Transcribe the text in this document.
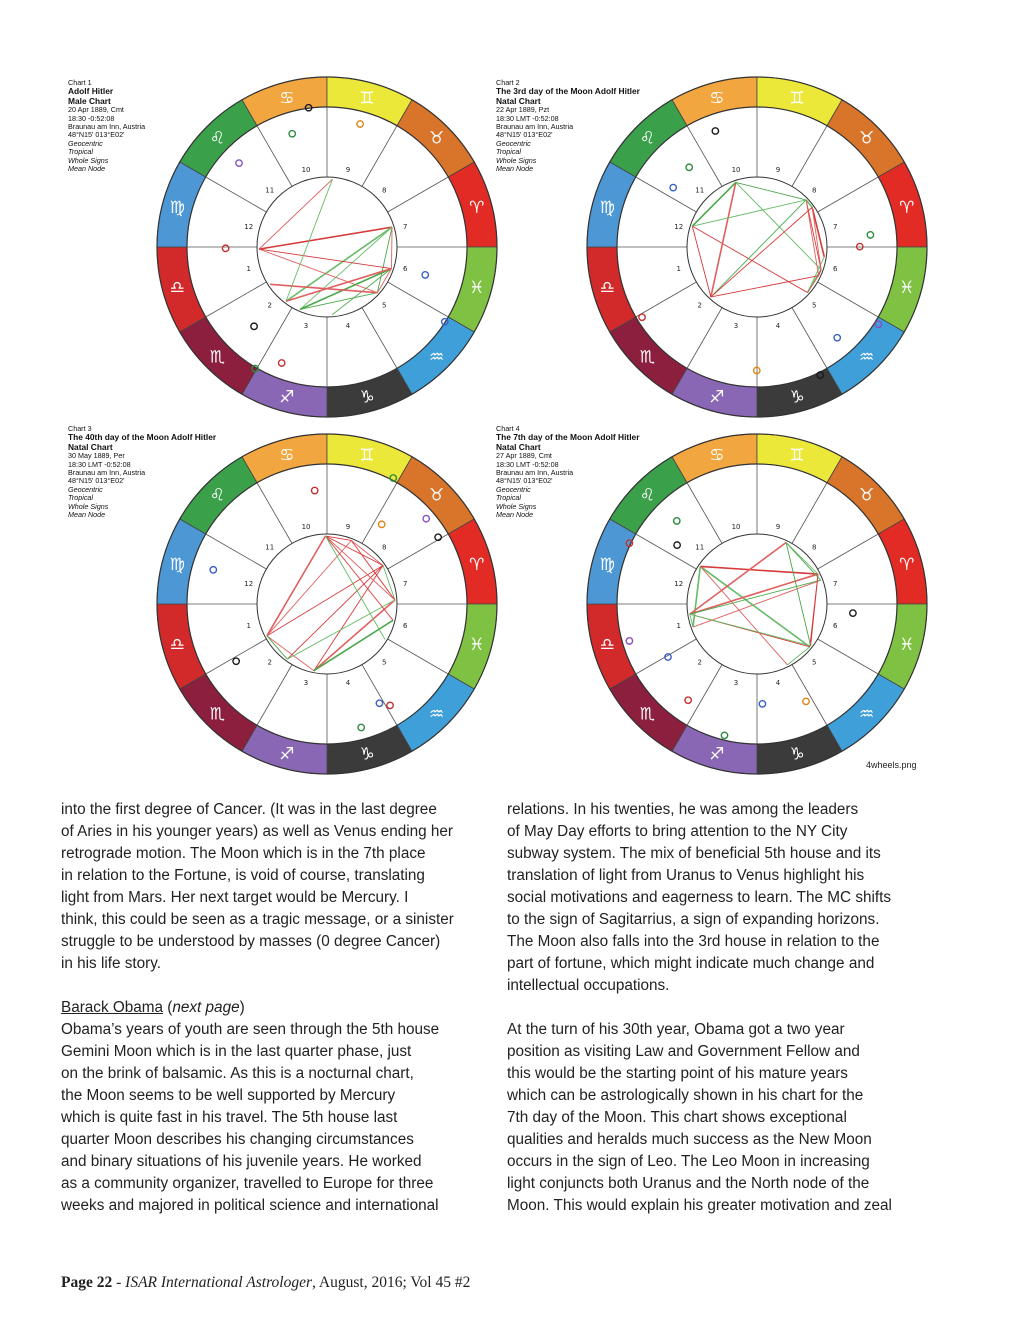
Chart 1
Adolf Hitler
Male Chart
20 Apr 1889, Cmt
18:30 -0:52:08
Braunau am Inn, Austria
48°N15' 013°E02'
Geocentric
Tropical
Whole Signs
Mean Node
♋	♊
♉
♈
♓
♒
♑
♐
♏
♎
♍
♌
10	9
8
7
6
5
4
3
2
1
12
11
Chart 2
The 3rd day of the Moon Adolf Hitler
Natal Chart
22 Apr 1889, Pzt
18:30 LMT -0:52:08
Braunau am Inn, Austria
48°N15' 013°E02'
Geocentric
Tropical
Whole Signs
Mean Node
♋	♊
♉
♈
♓
♒
♑
♐
♏
♎
♍
♌
10	9
8
7
6
5
4
3
2
1
12
11
Chart 3
The 40th day of the Moon Adolf Hitler
Natal Chart
30 May 1889, Per
18:30 LMT -0:52:08
Braunau am Inn, Austria
48°N15' 013°E02'
Geocentric
Tropical
Whole Signs
Mean Node
♋	♊
♉
♈
♓
♒
♑
♐
♏
♎
♍
♌
10	9
8
7
6
5
4
3
2
1
12
11
Chart 4
The 7th day of the Moon Adolf Hitler
Natal Chart
27 Apr 1889, Cmt
18:30 LMT -0:52:08
Braunau am Inn, Austria
48°N15' 013°E02'
Geocentric
Tropical
Whole Signs
Mean Node
♋	♊
♉
♈
♓
♒
♑
♐
♏
♎
♍
♌
10	9
8
7
6
5
4
3
2
1
12
11
4wheels.png

into the first degree of Cancer. (It was in the last degree

of Aries in his younger years) as well as Venus ending her

retrograde motion. The Moon which is in the 7th place

in relation to the Fortune, is void of course, translating

light from Mars. Her next target would be Mercury. I

think, this could be seen as a tragic message, or a sinister

struggle to be understood by masses (0 degree Cancer)

in his life story.

Barack Obama (next page)

Obama’s years of youth are seen through the 5th house

Gemini Moon which is in the last quarter phase, just

on the brink of balsamic. As this is a nocturnal chart,

the Moon seems to be well supported by Mercury

which is quite fast in his travel. The 5th house last

quarter Moon describes his changing circumstances

and binary situations of his juvenile years. He worked

as a community organizer, travelled to Europe for three

weeks and majored in political science and international

relations. In his twenties, he was among the leaders

of May Day efforts to bring attention to the NY City

subway system. The mix of beneficial 5th house and its

translation of light from Uranus to Venus highlight his

social motivations and eagerness to learn. The MC shifts

to the sign of Sagitarrius, a sign of expanding horizons.

The Moon also falls into the 3rd house in relation to the

part of fortune, which might indicate much change and

intellectual occupations.

At the turn of his 30th year, Obama got a two year

position as visiting Law and Government Fellow and

this would be the starting point of his mature years

which can be astrologically shown in his chart for the

7th day of the Moon. This chart shows exceptional

qualities and heralds much success as the New Moon

occurs in the sign of Leo. The Leo Moon in increasing

light conjuncts both Uranus and the North node of the

Moon. This would explain his greater motivation and zeal

Page 22 - ISAR International Astrologer, August, 2016; Vol 45 #2
